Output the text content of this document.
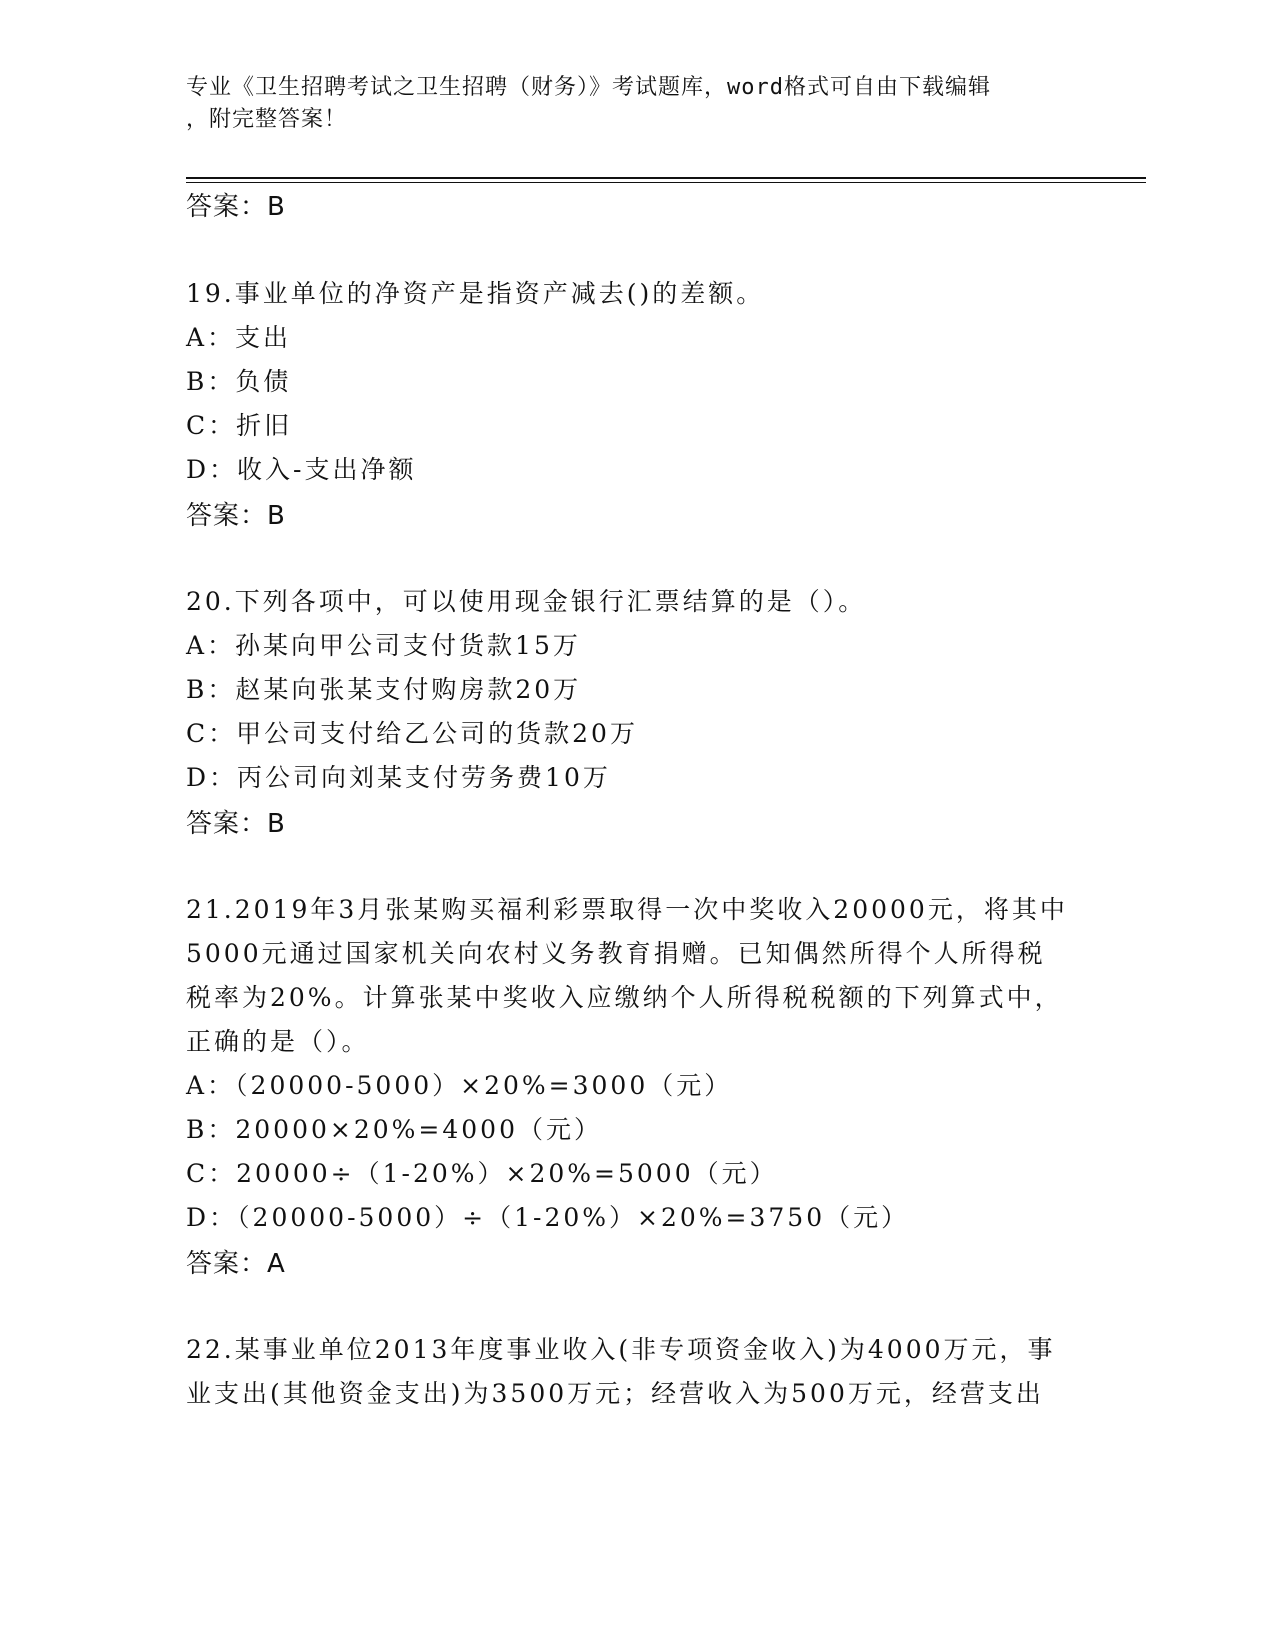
专业《卫生招聘考试之卫生招聘（财务）》考试题库，word格式可自由下载编辑
，附完整答案！
答案：B
19.事业单位的净资产是指资产减去()的差额。
A：支出
B：负债
C：折旧
D：收入-支出净额
答案：B
20.下列各项中，可以使用现金银行汇票结算的是（）。
A：孙某向甲公司支付货款15万
B：赵某向张某支付购房款20万
C：甲公司支付给乙公司的货款20万
D：丙公司向刘某支付劳务费10万
答案：B
21.2019年3月张某购买福利彩票取得一次中奖收入20000元，将其中
5000元通过国家机关向农村义务教育捐赠。已知偶然所得个人所得税
税率为20%。计算张某中奖收入应缴纳个人所得税税额的下列算式中，
正确的是（）。
A：（20000-5000）×20%=3000（元）
B：20000×20%=4000（元）
C：20000÷（1-20%）×20%=5000（元）
D：（20000-5000）÷（1-20%）×20%=3750（元）
答案：A
22.某事业单位2013年度事业收入(非专项资金收入)为4000万元，事
业支出(其他资金支出)为3500万元；经营收入为500万元，经营支出
